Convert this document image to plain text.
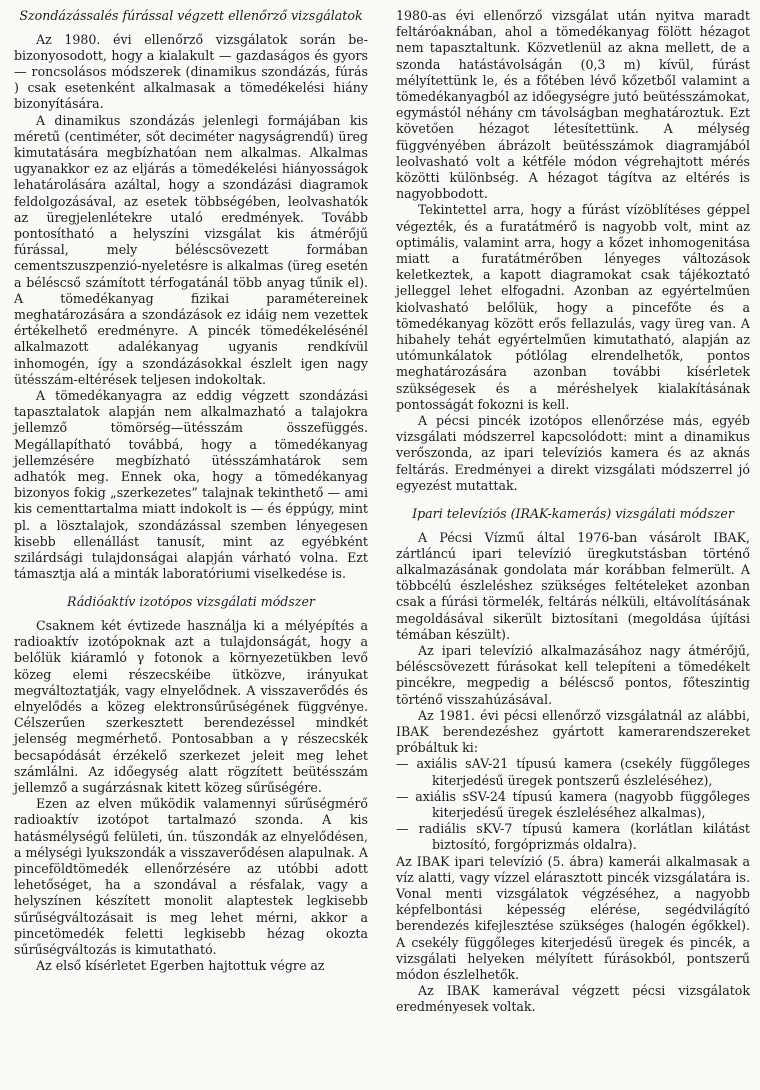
Szondázássalés fúrással végzett ellenőrző vizsgálatok

Az 1980. évi ellenőrző vizsgálatok során be-bizonyosodott, hogy a kialakult — gazdaságos és gyors — roncsolásos módszerek (dinamikus szondázás, fúrás ) csak esetenként alkalmasak a tömedékelési hiány bizonyítására.

A dinamikus szondázás jelenlegi formájában kis méretű (centiméter, sőt deciméter nagyságrendű) üreg kimutatására megbízhatóan nem alkalmas. Alkalmas ugyanakkor ez az eljárás a tömedékelési hiányosságok lehatárolására azáltal, hogy a szondázási diagramok feldolgozásával, az esetek többségében, leolvashatók az üregjelenlétekre utaló eredmények. Tovább pontosítható a helyszíni vizsgálat kis átmérőjű fúrással, mely béléscsövezett formában cementszuszpenzió-nyeletésre is alkalmas (üreg esetén a béléscső számított térfogatánál több anyag tűnik el). A tömedékanyag fizikai paramétereinek meghatározására a szondázások ez idáig nem vezettek értékelhető eredményre. A pincék tömedékelésénél alkalmazott adalékanyag ugyanis rendkívül inhomogén, így a szondázásokkal észlelt igen nagy ütésszám-eltérések teljesen indokoltak.

A tömedékanyagra az eddig végzett szondázási tapasztalatok alapján nem alkalmazható a talajokra jellemző tömörség—ütésszám összefüggés. Megállapítható továbbá, hogy a tömedékanyag jellemzésére megbízható ütésszámhatárok sem adhatók meg. Ennek oka, hogy a tömedékanyag bizonyos fokig „szerkezetes” talajnak tekinthető — ami kis cementtartalma miatt indokolt is — és éppúgy, mint pl. a lösztalajok, szondázással szemben lényegesen kisebb ellenállást tanusít, mint az egyébként szilárdsági tulajdonságai alapján várható volna. Ezt támasztja alá a minták laboratóriumi viselkedése is.

Rádióaktív izotópos vizsgálati módszer

Csaknem két évtizede használja ki a mélyépítés a radioaktív izotópoknak azt a tulajdonságát, hogy a belőlük kiáramló γ fotonok a környezetükben levő közeg elemi részecskéibe ütközve, irányukat megváltoztatják, vagy elnyelődnek. A visszaverődés és elnyelődés a közeg elektronsűrűségének függvénye. Célszerűen szerkesztett berendezéssel mindkét jelenség megmérhető. Pontosabban a γ részecskék becsapódását érzékelő szerkezet jeleit meg lehet számlálni. Az időegység alatt rögzített beütésszám jellemző a sugárzásnak kitett közeg sűrűségére.

Ezen az elven működik valamennyi sűrűségmérő radioaktív izotópot tartalmazó szonda. A kis hatásmélységű felületi, ún. tűszondák az elnyelődésen, a mélységi lyukszondák a visszaverődésen alapulnak. A pinceföldtömedék ellenőrzésére az utóbbi adott lehetőséget, ha a szondával a résfalak, vagy a helyszínen készített monolit alaptestek legkisebb sűrűségváltozásait is meg lehet mérni, akkor a pincetömedék feletti legkisebb hézag okozta sűrűségváltozás is kimutatható.

Az első kísérletet Egerben hajtottuk végre az

1980-as évi ellenőrző vizsgálat után nyitva maradt feltáróaknában, ahol a tömedékanyag fölött hézagot nem tapasztaltunk. Közvetlenül az akna mellett, de a szonda hatástávolságán (0,3 m) kívül, fúrást mélyítettünk le, és a főtében lévő kőzetből valamint a tömedékanyagból az időegységre jutó beütésszámokat, egymástól néhány cm távolságban meghatároztuk. Ezt követően hézagot létesítettünk. A mélység függvényében ábrázolt beütésszámok diagramjából leolvasható volt a kétféle módon végrehajtott mérés közötti különbség. A hézagot tágítva az eltérés is nagyobbodott.

Tekintettel arra, hogy a fúrást vízöblítéses géppel végezték, és a furatátmérő is nagyobb volt, mint az optimális, valamint arra, hogy a kőzet inhomogenitása miatt a furatátmérőben lényeges változások keletkeztek, a kapott diagramokat csak tájékoztató jelleggel lehet elfogadni. Azonban az egyértelműen kiolvasható belőlük, hogy a pincefőte és a tömedékanyag között erős fellazulás, vagy üreg van. A hibahely tehát egyértelműen kimutatható, alapján az utómunkálatok pótlólag elrendelhetők, pontos meghatározására azonban további kísérletek szükségesek és a méréshelyek kialakításának pontosságát fokozni is kell.

A pécsi pincék izotópos ellenőrzése más, egyéb vizsgálati módszerrel kapcsolódott: mint a dinamikus verőszonda, az ipari televíziós kamera és az aknás feltárás. Eredményei a direkt vizsgálati módszerrel jó egyezést mutattak.

Ipari televíziós (IRAK-kamerás) vizsgálati módszer

A Pécsi Vízmű által 1976-ban vásárolt IBAK, zártláncú ipari televízió üregkutstásban történő alkalmazásának gondolata már korábban felmerült. A többcélú észleléshez szükséges feltételeket azonban csak a fúrási törmelék, feltárás nélküli, eltávolításának megoldásával sikerült biztosítani (megoldása újítási témában készült).

Az ipari televízió alkalmazásához nagy átmérőjű, béléscsövezett fúrásokat kell telepíteni a tömedékelt pincékre, megpedig a béléscső pontos, főteszintig történő visszahúzásával.

Az 1981. évi pécsi ellenőrző vizsgálatnál az alábbi, IBAK berendezéshez gyártott kamerarendszereket próbáltuk ki:

— axiális sAV-21 típusú kamera (csekély függőleges kiterjedésű üregek pontszerű észleléséhez),

— axiális sSV-24 típusú kamera (nagyobb függőleges kiterjedésű üregek észleléséhez alkalmas),

— radiális sKV-7 típusú kamera (korlátlan kilátást biztosító, forgóprizmás oldalra).

Az IBAK ipari televízió (5. ábra) kamerái alkalmasak a víz alatti, vagy vízzel elárasztott pincék vizsgálatára is. Vonal menti vizsgálatok végzéséhez, a nagyobb képfelbontási képesség elérése, segédvilágító berendezés kifejlesztése szükséges (halogén égőkkel). A csekély függőleges kiterjedésű üregek és pincék, a vizsgálati helyeken mélyített fúrásokból, pontszerű módon észlelhetők.

Az IBAK kamerával végzett pécsi vizsgálatok eredményesek voltak.
